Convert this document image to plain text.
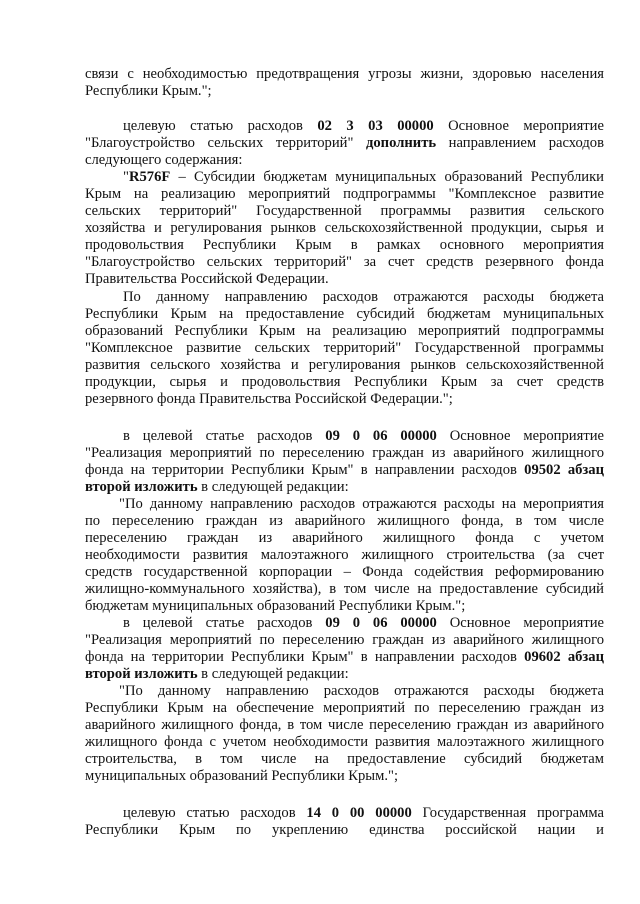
связи с необходимостью предотвращения угрозы жизни, здоровью населения
Республики Крым.";
целевую статью расходов 02 3 03 00000 Основное мероприятие
"Благоустройство сельских территорий" дополнить направлением расходов
следующего содержания:
"R576F – Субсидии бюджетам муниципальных образований Республики
Крым на реализацию мероприятий подпрограммы "Комплексное развитие
сельских территорий" Государственной программы развития сельского
хозяйства и регулирования рынков сельскохозяйственной продукции, сырья и
продовольствия Республики Крым в рамках основного мероприятия
"Благоустройство сельских территорий" за счет средств резервного фонда
Правительства Российской Федерации.
По данному направлению расходов отражаются расходы бюджета
Республики Крым на предоставление субсидий бюджетам муниципальных
образований Республики Крым на реализацию мероприятий подпрограммы
"Комплексное развитие сельских территорий" Государственной программы
развития сельского хозяйства и регулирования рынков сельскохозяйственной
продукции, сырья и продовольствия Республики Крым за счет средств
резервного фонда Правительства Российской Федерации.";
в целевой статье расходов 09 0 06 00000 Основное мероприятие
"Реализация мероприятий по переселению граждан из аварийного жилищного
фонда на территории Республики Крым" в направлении расходов 09502 абзац
второй изложить в следующей редакции:
"По данному направлению расходов отражаются расходы на мероприятия
по переселению граждан из аварийного жилищного фонда, в том числе
переселению граждан из аварийного жилищного фонда с учетом
необходимости развития малоэтажного жилищного строительства (за счет
средств государственной корпорации – Фонда содействия реформированию
жилищно-коммунального хозяйства), в том числе на предоставление субсидий
бюджетам муниципальных образований Республики Крым.";
в целевой статье расходов 09 0 06 00000 Основное мероприятие
"Реализация мероприятий по переселению граждан из аварийного жилищного
фонда на территории Республики Крым" в направлении расходов 09602 абзац
второй изложить в следующей редакции:
"По данному направлению расходов отражаются расходы бюджета
Республики Крым на обеспечение мероприятий по переселению граждан из
аварийного жилищного фонда, в том числе переселению граждан из аварийного
жилищного фонда с учетом необходимости развития малоэтажного жилищного
строительства, в том числе на предоставление субсидий бюджетам
муниципальных образований Республики Крым.";
целевую статью расходов 14 0 00 00000 Государственная программа
Республики Крым по укреплению единства российской нации и
